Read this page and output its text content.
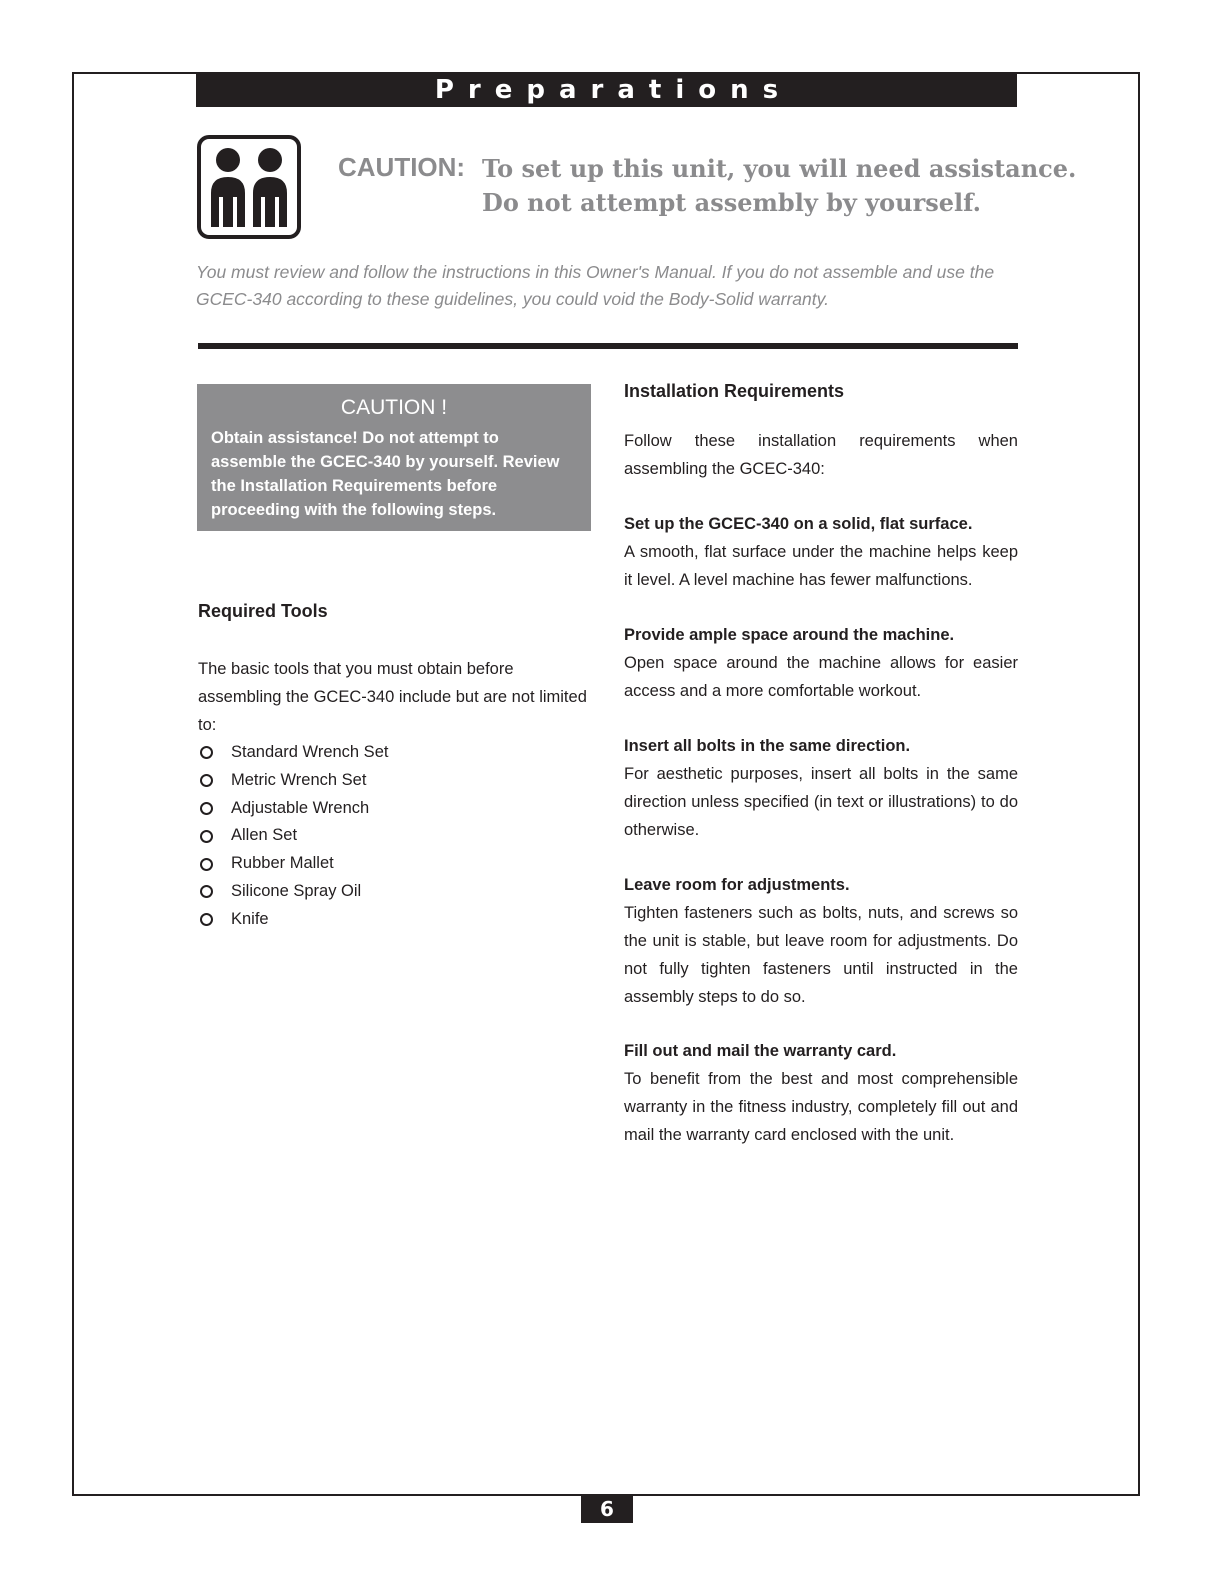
Preparations
CAUTION: To set up this unit, you will need assistance.
Do not attempt assembly by yourself.

You must review and follow the instructions in this Owner's Manual. If you do not assemble and use the GCEC-340 according to these guidelines, you could void the Body-Solid warranty.

CAUTION !

Obtain assistance! Do not attempt to assemble the GCEC-340 by yourself. Review the Installation Requirements before proceeding with the following steps.

Required Tools

The basic tools that you must obtain before assembling the GCEC-340 include but are not limited to:

Standard Wrench Set
Metric Wrench Set
Adjustable Wrench
Allen Set
Rubber Mallet
Silicone Spray Oil
Knife
Installation Requirements

Follow these installation requirements when assembling the GCEC-340:

Set up the GCEC-340 on a solid, flat surface.

A smooth, flat surface under the machine helps keep it level. A level machine has fewer malfunctions.

Provide ample space around the machine.

Open space around the machine allows for easier access and a more comfortable workout.

Insert all bolts in the same direction.

For aesthetic purposes, insert all bolts in the same direction unless specified (in text or illustrations) to do otherwise.

Leave room for adjustments.

Tighten fasteners such as bolts, nuts, and screws so the unit is stable, but leave room for adjustments. Do not fully tighten fasteners until instructed in the assembly steps to do so.

Fill out and mail the warranty card.

To benefit from the best and most comprehensible warranty in the fitness industry, completely fill out and mail the warranty card enclosed with the unit.

6
